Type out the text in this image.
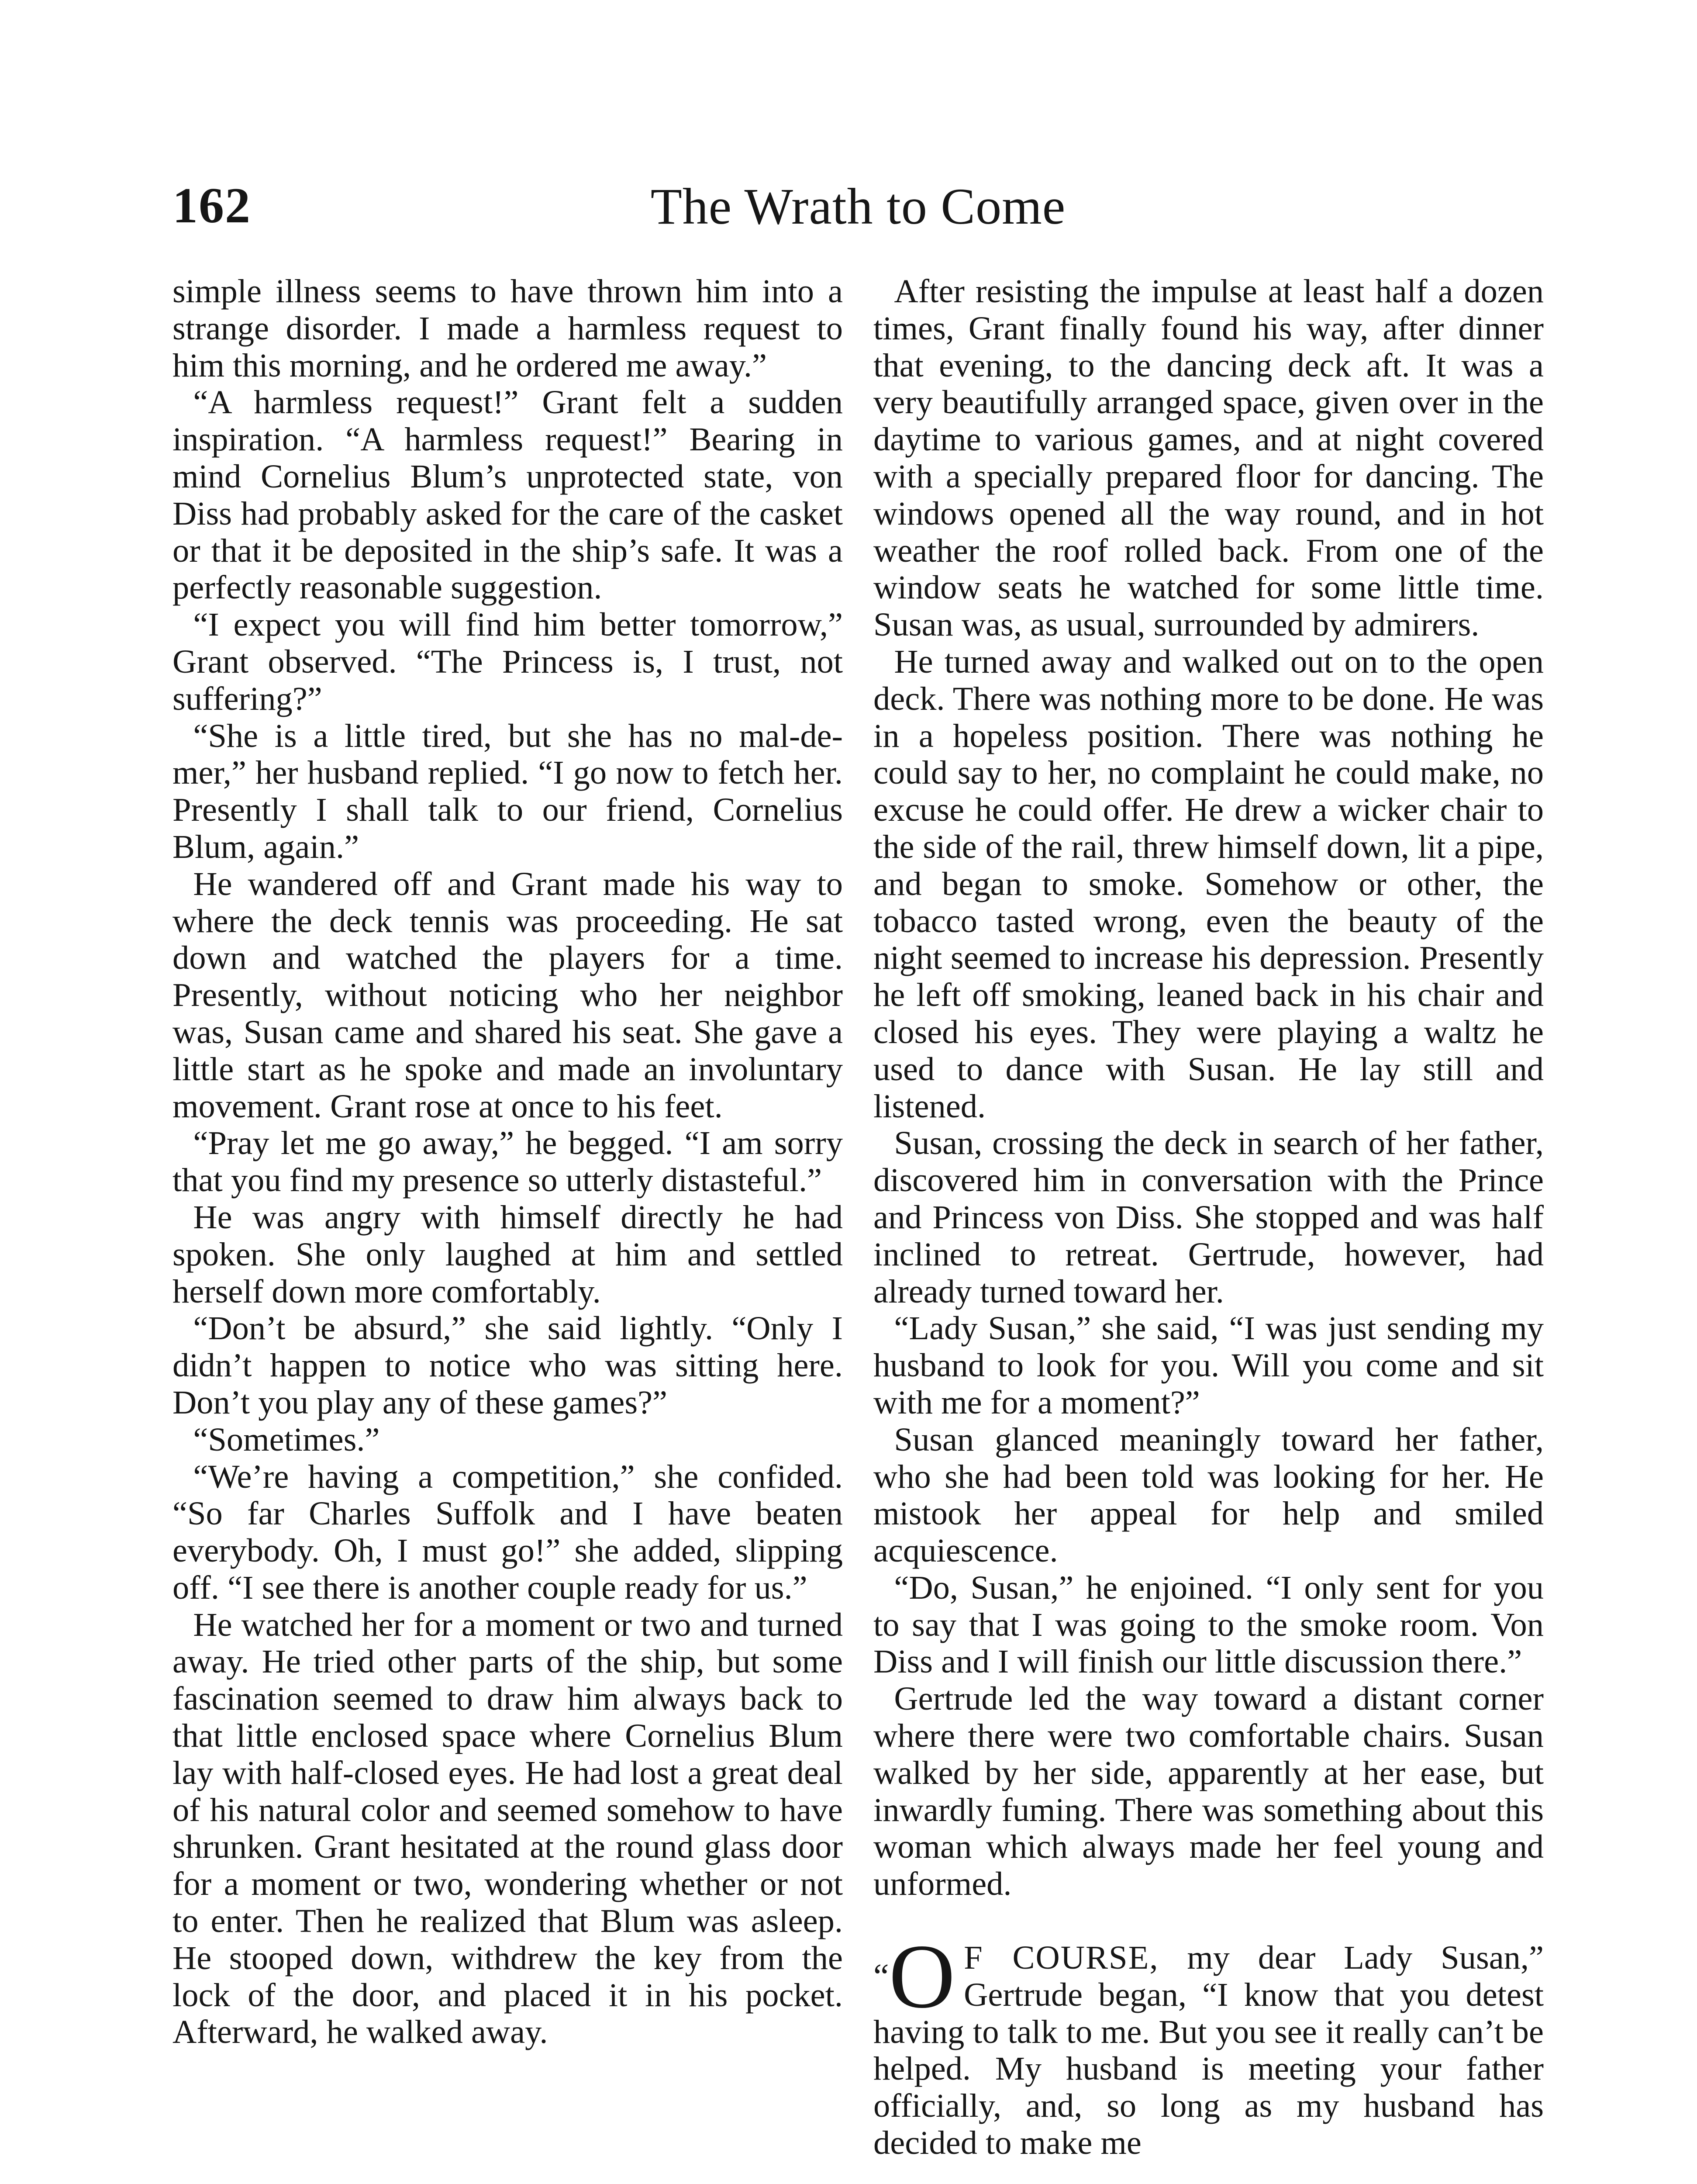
162	The Wrath to Come

simple illness seems to have thrown him into a strange disorder. I made a harmless request to him this morning, and he ordered me away.”

“A harmless request!” Grant felt a sudden inspiration. “A harmless request!” Bearing in mind Cornelius Blum’s unprotected state, von Diss had probably asked for the care of the casket or that it be deposited in the ship’s safe. It was a perfectly reasonable suggestion.

“I expect you will find him better tomorrow,” Grant observed. “The Princess is, I trust, not suffering?”

“She is a little tired, but she has no mal-de-mer,” her husband replied. “I go now to fetch her. Presently I shall talk to our friend, Cornelius Blum, again.”

He wandered off and Grant made his way to where the deck tennis was proceeding. He sat down and watched the players for a time. Presently, without noticing who her neighbor was, Susan came and shared his seat. She gave a little start as he spoke and made an involuntary movement. Grant rose at once to his feet.

“Pray let me go away,” he begged. “I am sorry that you find my presence so utterly distasteful.”

He was angry with himself directly he had spoken. She only laughed at him and settled herself down more comfortably.

“Don’t be absurd,” she said lightly. “Only I didn’t happen to notice who was sitting here. Don’t you play any of these games?”

“Sometimes.”

“We’re having a competition,” she confided. “So far Charles Suffolk and I have beaten everybody. Oh, I must go!” she added, slipping off. “I see there is another couple ready for us.”

He watched her for a moment or two and turned away. He tried other parts of the ship, but some fascination seemed to draw him always back to that little enclosed space where Cornelius Blum lay with half-closed eyes. He had lost a great deal of his natural color and seemed somehow to have shrunken. Grant hesitated at the round glass door for a moment or two, wondering whether or not to enter. Then he realized that Blum was asleep. He stooped down, withdrew the key from the lock of the door, and placed it in his pocket. Afterward, he walked away.

After resisting the impulse at least half a dozen times, Grant finally found his way, after dinner that evening, to the dancing deck aft. It was a very beautifully arranged space, given over in the daytime to various games, and at night covered with a specially prepared floor for dancing. The windows opened all the way round, and in hot weather the roof rolled back. From one of the window seats he watched for some little time. Susan was, as usual, surrounded by admirers.

He turned away and walked out on to the open deck. There was nothing more to be done. He was in a hopeless position. There was nothing he could say to her, no complaint he could make, no excuse he could offer. He drew a wicker chair to the side of the rail, threw himself down, lit a pipe, and began to smoke. Somehow or other, the tobacco tasted wrong, even the beauty of the night seemed to increase his depression. Presently he left off smoking, leaned back in his chair and closed his eyes. They were playing a waltz he used to dance with Susan. He lay still and listened.

Susan, crossing the deck in search of her father, discovered him in conversation with the Prince and Princess von Diss. She stopped and was half inclined to retreat. Gertrude, however, had already turned toward her.

“Lady Susan,” she said, “I was just sending my husband to look for you. Will you come and sit with me for a moment?”

Susan glanced meaningly toward her father, who she had been told was looking for her. He mistook her appeal for help and smiled acquiescence.

“Do, Susan,” he enjoined. “I only sent for you to say that I was going to the smoke room. Von Diss and I will finish our little discussion there.”

Gertrude led the way toward a distant corner where there were two comfortable chairs. Susan walked by her side, apparently at her ease, but inwardly fuming. There was something about this woman which always made her feel young and unformed.

“O F COURSE, my dear Lady Susan,” Gertrude began, “I know that you detest having to talk to me. But you see it really can’t be helped. My husband is meeting your father officially, and, so long as my husband has decided to make me
